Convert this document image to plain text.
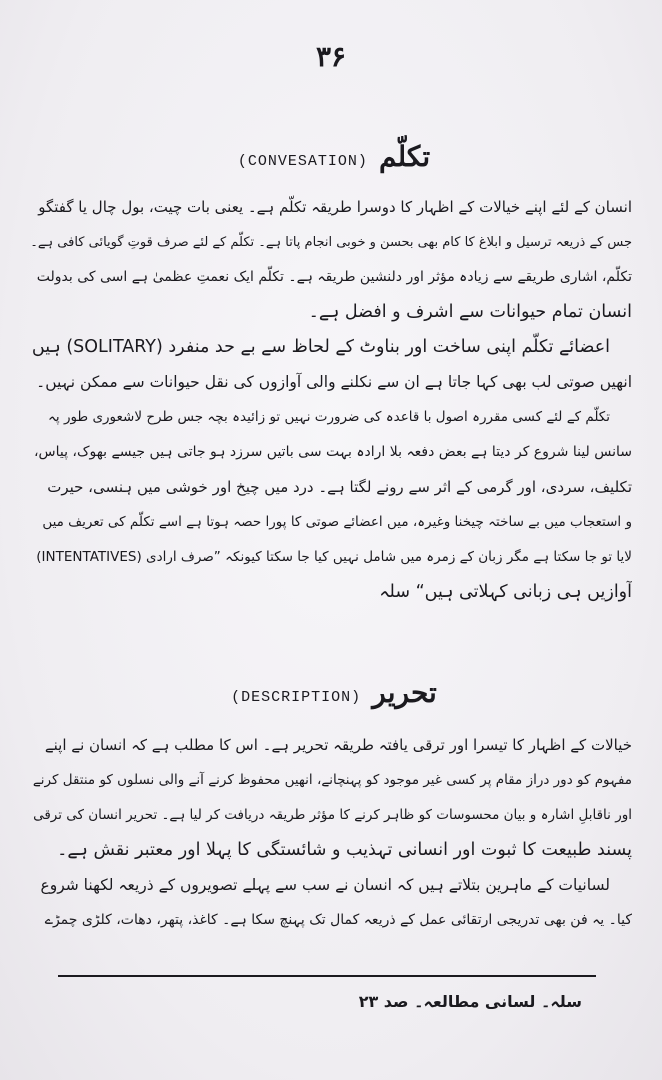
۳۶
تکلّم (CONVESATION)
انسان کے لئے اپنے خیالات کے اظہار کا دوسرا طریقہ تکلّم ہے۔ یعنی بات چیت، بول چال یا گفتگو
جس کے ذریعہ ترسیل و ابلاغ کا کام بھی بحسن و خوبی انجام پاتا ہے۔ تکلّم کے لئے صرف قوتِ گویائی کافی ہے۔
تکلّم، اشاری طریقے سے زیادہ مؤثر اور دلنشین طریقہ ہے۔ تکلّم ایک نعمتِ عظمیٰ ہے اسی کی بدولت
انسان تمام حیوانات سے اشرف و افضل ہے۔
اعضائے تکلّم اپنی ساخت اور بناوٹ کے لحاظ سے بے حد منفرد (SOLITARY) ہیں
انھیں صوتی لب بھی کہا جاتا ہے ان سے نکلنے والی آوازوں کی نقل حیوانات سے ممکن نہیں۔
تکلّم کے لئے کسی مقررہ اصول با قاعدہ کی ضرورت نہیں تو زائیدہ بچہ جس طرح لاشعوری طور پہ
سانس لینا شروع کر دیتا ہے بعض دفعہ بلا ارادہ بہت سی باتیں سرزد ہو جاتی ہیں جیسے بھوک، پیاس،
تکلیف، سردی، اور گرمی کے اثر سے رونے لگتا ہے۔ درد میں چیخ اور خوشی میں ہنسی، حیرت
و استعجاب میں بے ساختہ چیخنا وغیرہ، میں اعضائے صوتی کا پورا حصہ ہوتا ہے اسے تکلّم کی تعریف میں
لایا تو جا سکتا ہے مگر زبان کے زمرہ میں شامل نہیں کیا جا سکتا کیونکہ ”صرف ارادی (INTENTATIVES)
آوازیں ہی زبانی کہلاتی ہیں“ سلہ
تحریر (DESCRIPTION)
خیالات کے اظہار کا تیسرا اور ترقی یافتہ طریقہ تحریر ہے۔ اس کا مطلب ہے کہ انسان نے اپنے
مفہوم کو دور دراز مقام پر کسی غیر موجود کو پہنچانے، انھیں محفوظ کرنے آنے والی نسلوں کو منتقل کرنے
اور ناقابلِ اشارہ و بیان محسوسات کو ظاہر کرنے کا مؤثر طریقہ دریافت کر لیا ہے۔ تحریر انسان کی ترقی
پسند طبیعت کا ثبوت اور انسانی تہذیب و شائستگی کا پہلا اور معتبر نقش ہے۔
لسانیات کے ماہرین بتلاتے ہیں کہ انسان نے سب سے پہلے تصویروں کے ذریعہ لکھنا شروع
کیا۔ یہ فن بھی تدریجی ارتقائی عمل کے ذریعہ کمال تک پہنچ سکا ہے۔ کاغذ، پتھر، دھات، کلڑی چمڑے
سلہ۔ لسانی مطالعہ۔ صد ۲۳
